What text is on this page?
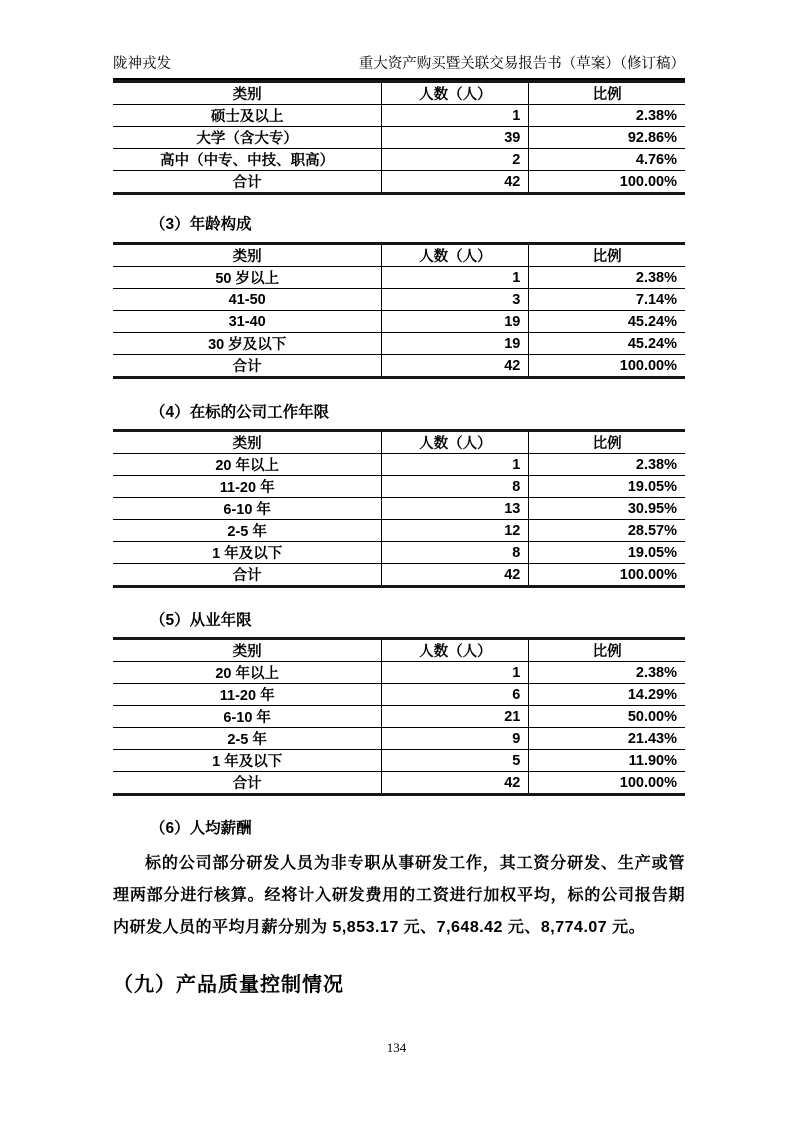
陇神戎发	重大资产购买暨关联交易报告书（草案）（修订稿）
类别	人数（人）	比例
硕士及以上	1	2.38%
大学（含大专）	39	92.86%
高中（中专、中技、职高）	2	4.76%
合计	42	100.00%
（3）年龄构成
类别	人数（人）	比例
50 岁以上	1	2.38%
41-50	3	7.14%
31-40	19	45.24%
30 岁及以下	19	45.24%
合计	42	100.00%
（4）在标的公司工作年限
类别	人数（人）	比例
20 年以上	1	2.38%
11-20 年	8	19.05%
6-10 年	13	30.95%
2-5 年	12	28.57%
1 年及以下	8	19.05%
合计	42	100.00%
（5）从业年限
类别	人数（人）	比例
20 年以上	1	2.38%
11-20 年	6	14.29%
6-10 年	21	50.00%
2-5 年	9	21.43%
1 年及以下	5	11.90%
合计	42	100.00%
（6）人均薪酬

标的公司部分研发人员为非专职从事研发工作，其工资分研发、生产或管理两部分进行核算。经将计入研发费用的工资进行加权平均，标的公司报告期内研发人员的平均月薪分别为 5,853.17 元、7,648.42 元、8,774.07 元。

（九）产品质量控制情况
134
